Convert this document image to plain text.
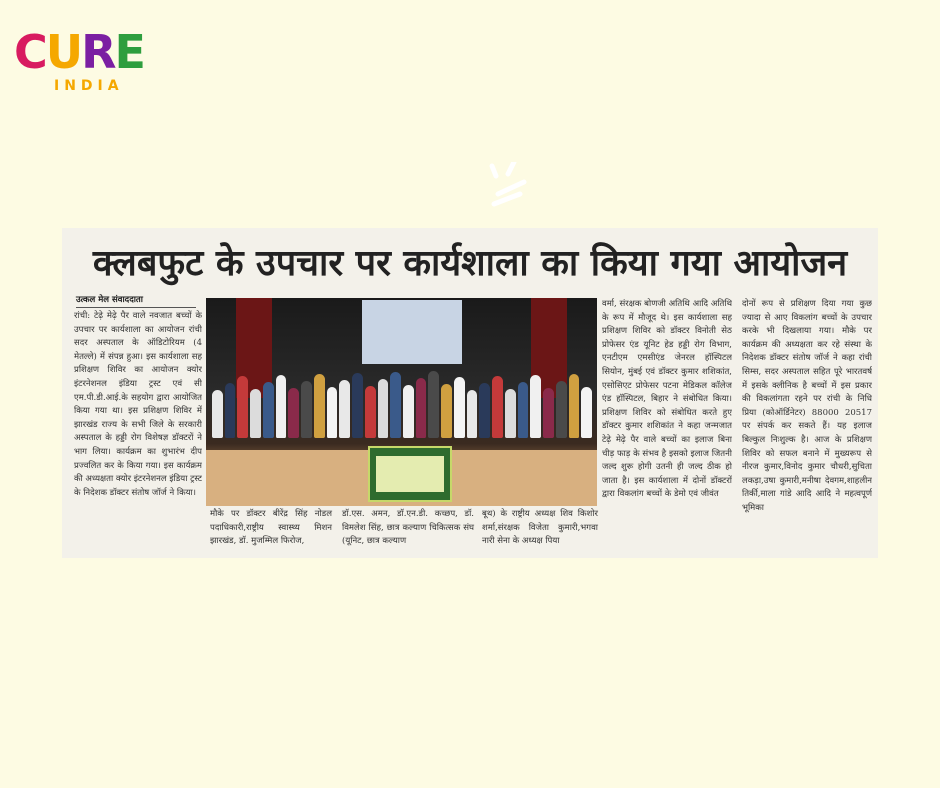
CURE
INDIA
क्लबफुट के उपचार पर कार्यशाला का किया गया आयोजन
उत्कल मेल संवाददाता
रांची: टेढ़े मेढ़े पैर वाले नवजात बच्चों के उपचार पर कार्यशाला का आयोजन रांची सदर अस्पताल के ऑडिटोरियम (4 मेतल्ले) में संपन्न हुआ। इस कार्यशाला सह प्रशिक्षण शिविर का आयोजन क्योर इंटरनेशनल इंडिया ट्रस्ट एवं सी एम.पी.डी.आई.के सहयोग द्वारा आयोजित किया गया था। इस प्रशिक्षण शिविर में झारखंड राज्य के सभी जिले के सरकारी अस्पताल के हड्डी रोग विशेषज्ञ डॉक्टरों ने भाग लिया। कार्यक्रम का शुभारंभ दीप प्रज्वलित कर के किया गया। इस कार्यक्रम की अध्यक्षता क्योर इंटरनेशनल इंडिया ट्रस्ट के निदेशक डॉक्टर संतोष जॉर्ज ने किया।
मौके पर डॉक्टर बीरेंद्र सिंह नोडल पदाधिकारी,राष्ट्रीय स्वास्थ्य मिशन झारखंड, डॉ. मुजम्मिल फिरोज,
डॉ.एस. अमन, डॉ.एन.डी. कच्छप, डॉ. विमलेश सिंह, छात्र कल्याण चिकित्सक संघ (यूनिट, छात्र कल्याण
बूथ) के राष्ट्रीय अध्यक्ष शिव किशोर शर्मा,संरक्षक विजेता कुमारी,भगवा नारी सेना के अध्यक्ष पिया
वर्मा, संरक्षक बोणजी अतिथि आदि अतिथि के रूप में मौजूद थे। इस कार्यशाला सह प्रशिक्षण शिविर को डॉक्टर विनोती सेठ प्रोफेसर एंड यूनिट हेड हड्डी रोग विभाग, एनटीएम एमसीएंड जेनरल हॉस्पिटल सियोन, मुंबई एवं डॉक्टर कुमार शशिकांत, एसोसिएट प्रोफेसर पटना मेडिकल कॉलेज एंड हॉस्पिटल, बिहार ने संबोधित किया। प्रशिक्षण शिविर को संबोधित करते हुए डॉक्टर कुमार शशिकांत ने कहा जन्मजात टेढ़े मेढ़े पैर वाले बच्चों का इलाज बिना चीड़ फाड़ के संभव है इसको इलाज जितनी जल्द शुरू होगी उतनी ही जल्द ठीक हो जाता है। इस कार्यशाला में दोनों डॉक्टरों द्वारा विकलांग बच्चों के डेमो एवं जीवंत
दोनों रूप से प्रशिक्षण दिया गया कुछ ज्यादा से आए विकलांग बच्चों के उपचार करके भी दिखलाया गया। मौके पर कार्यक्रम की अध्यक्षता कर रहे संस्था के निदेशक डॉक्टर संतोष जॉर्ज ने कहा रांची सिम्स, सदर अस्पताल सहित पूरे भारतवर्ष में इसके क्लीनिक है बच्चों में इस प्रकार की विकलांगता रहने पर रांची के निधि प्रिया (कोऑर्डिनेटर) 88000 20517 पर संपर्क कर सकते हैं। यह इलाज बिल्कुल निःशुल्क है। आज के प्रशिक्षण शिविर को सफल बनाने में मुख्यरूप से नीरज कुमार,विनोद कुमार चौधरी,सुचिता लकड़ा,उषा कुमारी,मनीषा देवगम,शाहलीन तिर्की,माला गांडे आदि आदि ने महत्वपूर्ण भूमिका
